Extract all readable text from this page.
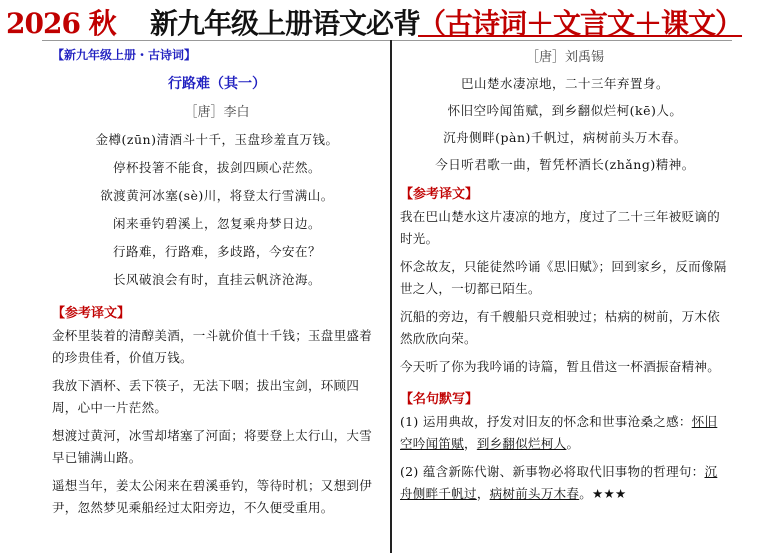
2026 秋 新九年级上册语文必背
（古诗词＋文言文＋课文）
【新九年级上册・古诗词】
行路难（其一）
［唐］李白
金樽(zūn)清酒斗十千，玉盘珍羞直万钱。
停杯投箸不能食，拔剑四顾心茫然。
欲渡黄河冰塞(sè)川，将登太行雪满山。
闲来垂钓碧溪上，忽复乘舟梦日边。
行路难，行路难，多歧路，今安在？
长风破浪会有时，直挂云帆济沧海。
【参考译文】
金杯里装着的清醇美酒，一斗就价值十千钱；玉盘里盛着的珍贵佳肴，价值万钱。
我放下酒杯、丢下筷子，无法下咽；拔出宝剑，环顾四周，心中一片茫然。
想渡过黄河，冰雪却堵塞了河面；将要登上太行山，大雪早已铺满山路。
遥想当年，姜太公闲来在碧溪垂钓，等待时机；又想到伊尹，忽然梦见乘船经过太阳旁边，不久便受重用。
［唐］刘禹锡
巴山楚水凄凉地，二十三年弃置身。
怀旧空吟闻笛赋，到乡翻似烂柯(kē)人。
沉舟侧畔(pàn)千帆过，病树前头万木春。
今日听君歌一曲，暂凭杯酒长(zhǎng)精神。
【参考译文】
我在巴山楚水这片凄凉的地方，度过了二十三年被贬谪的时光。
怀念故友，只能徒然吟诵《思旧赋》；回到家乡，反而像隔世之人，一切都已陌生。
沉船的旁边，有千艘船只竞相驶过；枯病的树前，万木依然欣欣向荣。
今天听了你为我吟诵的诗篇，暂且借这一杯酒振奋精神。
【名句默写】
(1) 运用典故，抒发对旧友的怀念和世事沧桑之感：怀旧空吟闻笛赋，到乡翻似烂柯人。
(2) 蕴含新陈代谢、新事物必将取代旧事物的哲理句：沉舟侧畔千帆过，病树前头万木春。★★★
